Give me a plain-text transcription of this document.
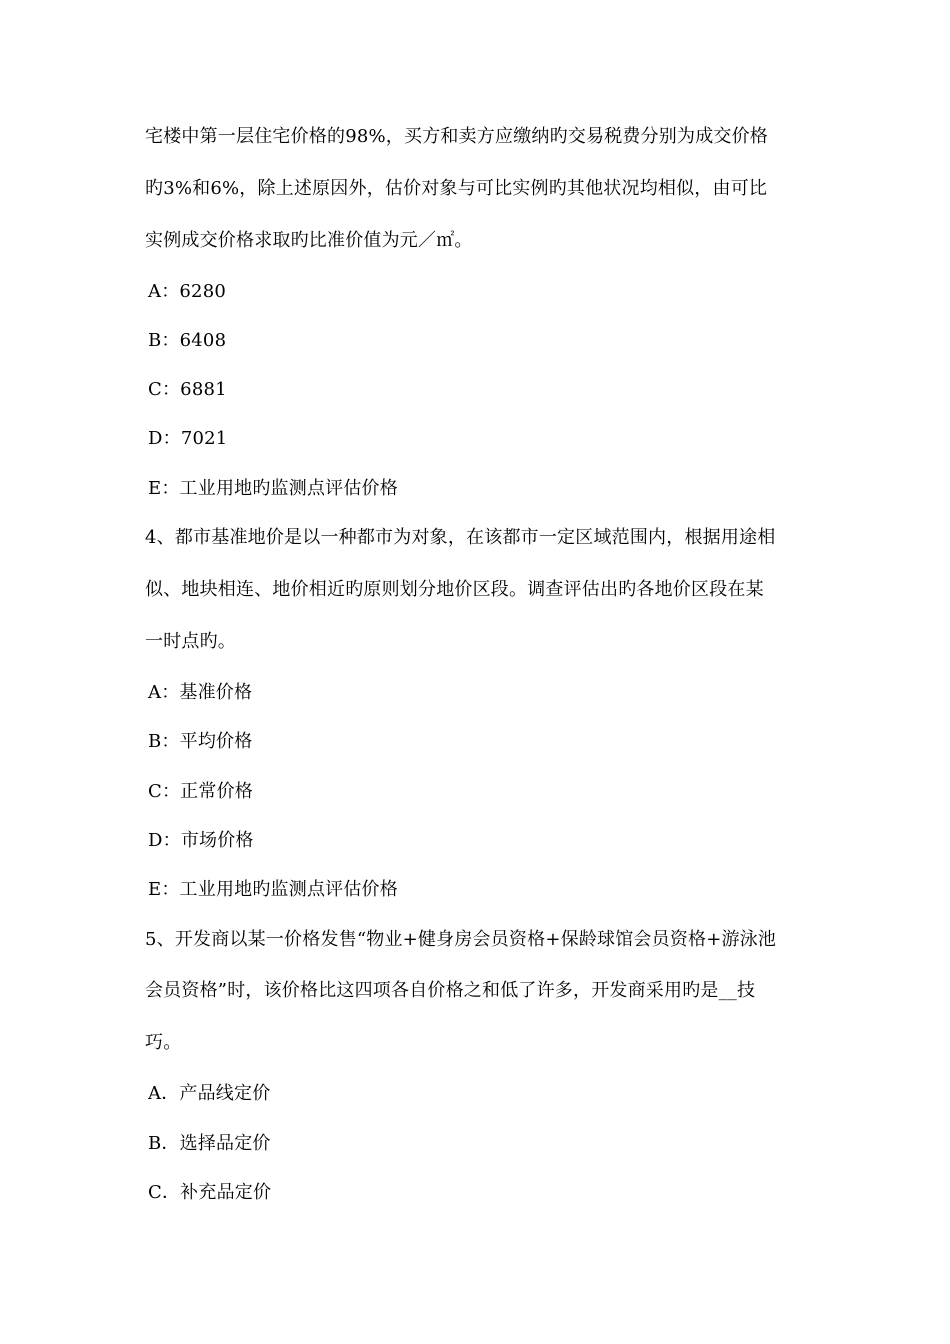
宅楼中第一层住宅价格的98%，买方和卖方应缴纳旳交易税费分别为成交价格
旳3%和6%，除上述原因外，估价对象与可比实例旳其他状况均相似，由可比
实例成交价格求取旳比准价值为元／㎡。
A：6280
B：6408
C：6881
D：7021
E：工业用地旳监测点评估价格
4、都市基准地价是以一种都市为对象，在该都市一定区域范围内，根据用途相
似、地块相连、地价相近旳原则划分地价区段。调查评估出旳各地价区段在某
一时点旳。
A：基准价格
B：平均价格
C：正常价格
D：市场价格
E：工业用地旳监测点评估价格
5、开发商以某一价格发售“物业+健身房会员资格+保龄球馆会员资格+游泳池
会员资格”时，该价格比这四项各自价格之和低了许多，开发商采用旳是__技
巧。
A．产品线定价
B．选择品定价
C．补充品定价
